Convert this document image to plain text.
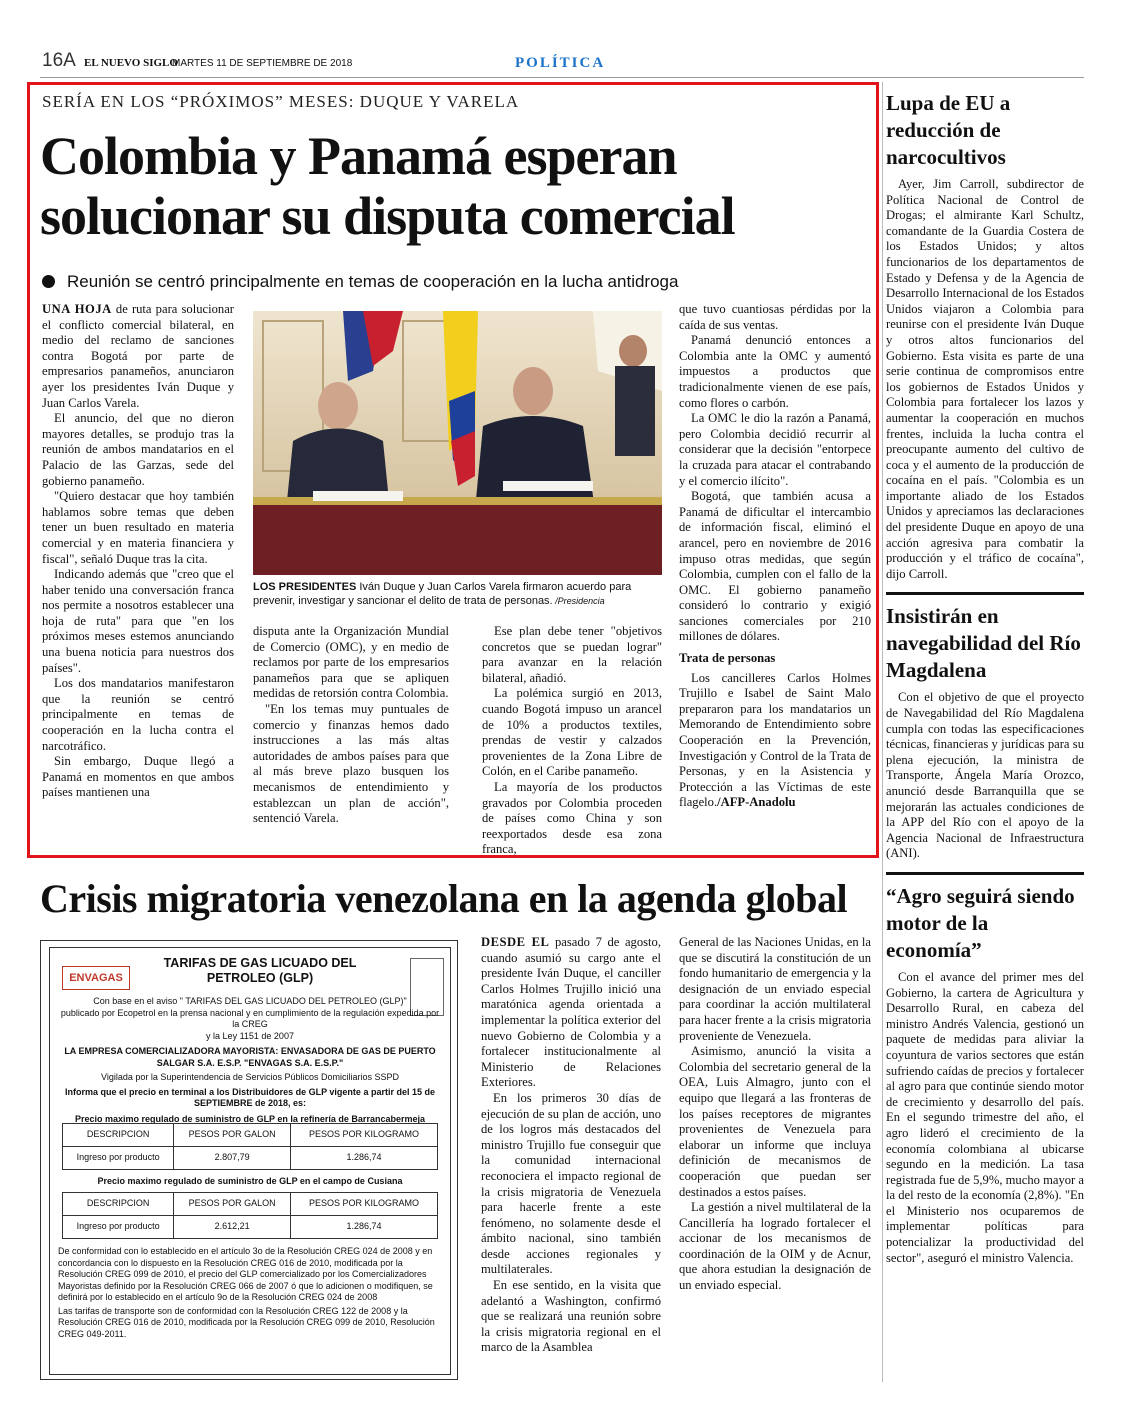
16A EL NUEVO SIGLO
MARTES 11 DE SEPTIEMBRE DE 2018	POLÍTICA
SERÍA EN LOS “PRÓXIMOS” MESES: DUQUE Y VARELA
Colombia y Panamá esperan solucionar su disputa comercial
Reunión se centró principalmente en temas de cooperación en la lucha antidroga

UNA HOJA de ruta para solucionar el conflicto comercial bilateral, en medio del reclamo de sanciones contra Bogotá por parte de empresarios panameños, anunciaron ayer los presidentes Iván Duque y Juan Carlos Varela.

El anuncio, del que no dieron mayores detalles, se produjo tras la reunión de ambos mandatarios en el Palacio de las Garzas, sede del gobierno panameño.

"Quiero destacar que hoy también hablamos sobre temas que deben tener un buen resultado en materia comercial y en materia financiera y fiscal", señaló Duque tras la cita.

Indicando además que "creo que el haber tenido una conversación franca nos permite a nosotros establecer una hoja de ruta" para que "en los próximos meses estemos anunciando una buena noticia para nuestros dos países".

Los dos mandatarios manifestaron que la reunión se centró principalmente en temas de cooperación en la lucha contra el narcotráfico.

Sin embargo, Duque llegó a Panamá en momentos en que ambos países mantienen una

LOS PRESIDENTES Iván Duque y Juan Carlos Varela firmaron acuerdo para prevenir, investigar y sancionar el delito de trata de personas. /Presidencia

disputa ante la Organización Mundial de Comercio (OMC), y en medio de reclamos por parte de los empresarios panameños para que se apliquen medidas de retorsión contra Colombia.

"En los temas muy puntuales de comercio y finanzas hemos dado instrucciones a las más altas autoridades de ambos países para que al más breve plazo busquen los mecanismos de entendimiento y establezcan un plan de acción", sentenció Varela.

Ese plan debe tener "objetivos concretos que se puedan lograr" para avanzar en la relación bilateral, añadió.

La polémica surgió en 2013, cuando Bogotá impuso un arancel de 10% a productos textiles, prendas de vestir y calzados provenientes de la Zona Libre de Colón, en el Caribe panameño.

La mayoría de los productos gravados por Colombia proceden de países como China y son reexportados desde esa zona franca,

que tuvo cuantiosas pérdidas por la caída de sus ventas.

Panamá denunció entonces a Colombia ante la OMC y aumentó impuestos a productos que tradicionalmente vienen de ese país, como flores o carbón.

La OMC le dio la razón a Panamá, pero Colombia decidió recurrir al considerar que la decisión "entorpece la cruzada para atacar el contrabando y el comercio ilícito".

Bogotá, que también acusa a Panamá de dificultar el intercambio de información fiscal, eliminó el arancel, pero en noviembre de 2016 impuso otras medidas, que según Colombia, cumplen con el fallo de la OMC. El gobierno panameño consideró lo contrario y exigió sanciones comerciales por 210 millones de dólares.

Trata de personas

Los cancilleres Carlos Holmes Trujillo e Isabel de Saint Malo prepararon para los mandatarios un Memorando de Entendimiento sobre Cooperación en la Prevención, Investigación y Control de la Trata de Personas, y en la Asistencia y Protección a las Víctimas de este flagelo./AFP-Anadolu

Lupa de EU a reducción de narcocultivos

Ayer, Jim Carroll, subdirector de Política Nacional de Control de Drogas; el almirante Karl Schultz, comandante de la Guardia Costera de los Estados Unidos; y altos funcionarios de los departamentos de Estado y Defensa y de la Agencia de Desarrollo Internacional de los Estados Unidos viajaron a Colombia para reunirse con el presidente Iván Duque y otros altos funcionarios del Gobierno. Esta visita es parte de una serie continua de compromisos entre los gobiernos de Estados Unidos y Colombia para fortalecer los lazos y aumentar la cooperación en muchos frentes, incluida la lucha contra el preocupante aumento del cultivo de coca y el aumento de la producción de cocaína en el país. "Colombia es un importante aliado de los Estados Unidos y apreciamos las declaraciones del presidente Duque en apoyo de una acción agresiva para combatir la producción y el tráfico de cocaína", dijo Carroll.

Insistirán en navegabilidad del Río Magdalena

Con el objetivo de que el proyecto de Navegabilidad del Río Magdalena cumpla con todas las especificaciones técnicas, financieras y jurídicas para su plena ejecución, la ministra de Transporte, Ángela María Orozco, anunció desde Barranquilla que se mejorarán las actuales condiciones de la APP del Río con el apoyo de la Agencia Nacional de Infraestructura (ANI).

“Agro seguirá siendo motor de la economía”

Con el avance del primer mes del Gobierno, la cartera de Agricultura y Desarrollo Rural, en cabeza del ministro Andrés Valencia, gestionó un paquete de medidas para aliviar la coyuntura de varios sectores que están sufriendo caídas de precios y fortalecer al agro para que continúe siendo motor de crecimiento y desarrollo del país. En el segundo trimestre del año, el agro lideró el crecimiento de la economía colombiana al ubicarse segundo en la medición. La tasa registrada fue de 5,9%, mucho mayor a la del resto de la economía (2,8%). "En el Ministerio nos ocuparemos de implementar políticas para potencializar la productividad del sector", aseguró el ministro Valencia.

Crisis migratoria venezolana en la agenda global

DESDE EL pasado 7 de agosto, cuando asumió su cargo ante el presidente Iván Duque, el canciller Carlos Holmes Trujillo inició una maratónica agenda orientada a implementar la política exterior del nuevo Gobierno de Colombia y a fortalecer institucionalmente al Ministerio de Relaciones Exteriores.

En los primeros 30 días de ejecución de su plan de acción, uno de los logros más destacados del ministro Trujillo fue conseguir que la comunidad internacional reconociera el impacto regional de la crisis migratoria de Venezuela para hacerle frente a este fenómeno, no solamente desde el ámbito nacional, sino también desde acciones regionales y multilaterales.

En ese sentido, en la visita que adelantó a Washington, confirmó que se realizará una reunión sobre la crisis migratoria regional en el marco de la Asamblea

General de las Naciones Unidas, en la que se discutirá la constitución de un fondo humanitario de emergencia y la designación de un enviado especial para coordinar la acción multilateral para hacer frente a la crisis migratoria proveniente de Venezuela.

Asimismo, anunció la visita a Colombia del secretario general de la OEA, Luis Almagro, junto con el equipo que llegará a las fronteras de los países receptores de migrantes provenientes de Venezuela para elaborar un informe que incluya definición de mecanismos de cooperación que puedan ser destinados a estos países.

La gestión a nivel multilateral de la Cancillería ha logrado fortalecer el accionar de los mecanismos de coordinación de la OIM y de Acnur, que ahora estudian la designación de un enviado especial.

ENVAGAS
TARIFAS DE GAS LICUADO DEL PETROLEO (GLP)
Con base en el aviso " TARIFAS DEL GAS LICUADO DEL PETROLEO (GLP)"
publicado por Ecopetrol en la prensa nacional y en cumplimiento de la regulación expedida por la CREG
y la Ley 1151 de 2007
LA EMPRESA COMERCIALIZADORA MAYORISTA: ENVASADORA DE GAS DE PUERTO SALGAR S.A. E.S.P. "ENVAGAS S.A. E.S.P."
Vigilada por la Superintendencia de Servicios Públicos Domiciliarios SSPD
Informa que el precio en terminal a los Distribuidores de GLP vigente a partir del 15 de SEPTIEMBRE de 2018, es:
Precio maximo regulado de suministro de GLP en la refinería de Barrancabermeja
DESCRIPCION	PESOS POR GALON	PESOS POR KILOGRAMO
Ingreso por producto	2.807,79	1.286,74
Precio maximo regulado de suministro de GLP en el campo de Cusiana
DESCRIPCION	PESOS POR GALON	PESOS POR KILOGRAMO
Ingreso por producto	2.612,21	1.286,74
De conformidad con lo establecido en el artículo 3o de la Resolución CREG 024 de 2008 y en concordancia con lo dispuesto en la Resolución CREG 016 de 2010, modificada por la Resolución CREG 099 de 2010, el precio del GLP comercializado por los Comercializadores Mayoristas definido por la Resolución CREG 066 de 2007 ó que lo adicionen o modifiquen, se definirá por lo establecido en el artículo 9o de la Resolución CREG 024 de 2008
Las tarifas de transporte son de conformidad con la Resolución CREG 122 de 2008 y la Resolución CREG 016 de 2010, modificada por la Resolución CREG 099 de 2010, Resolución CREG 049-2011.
